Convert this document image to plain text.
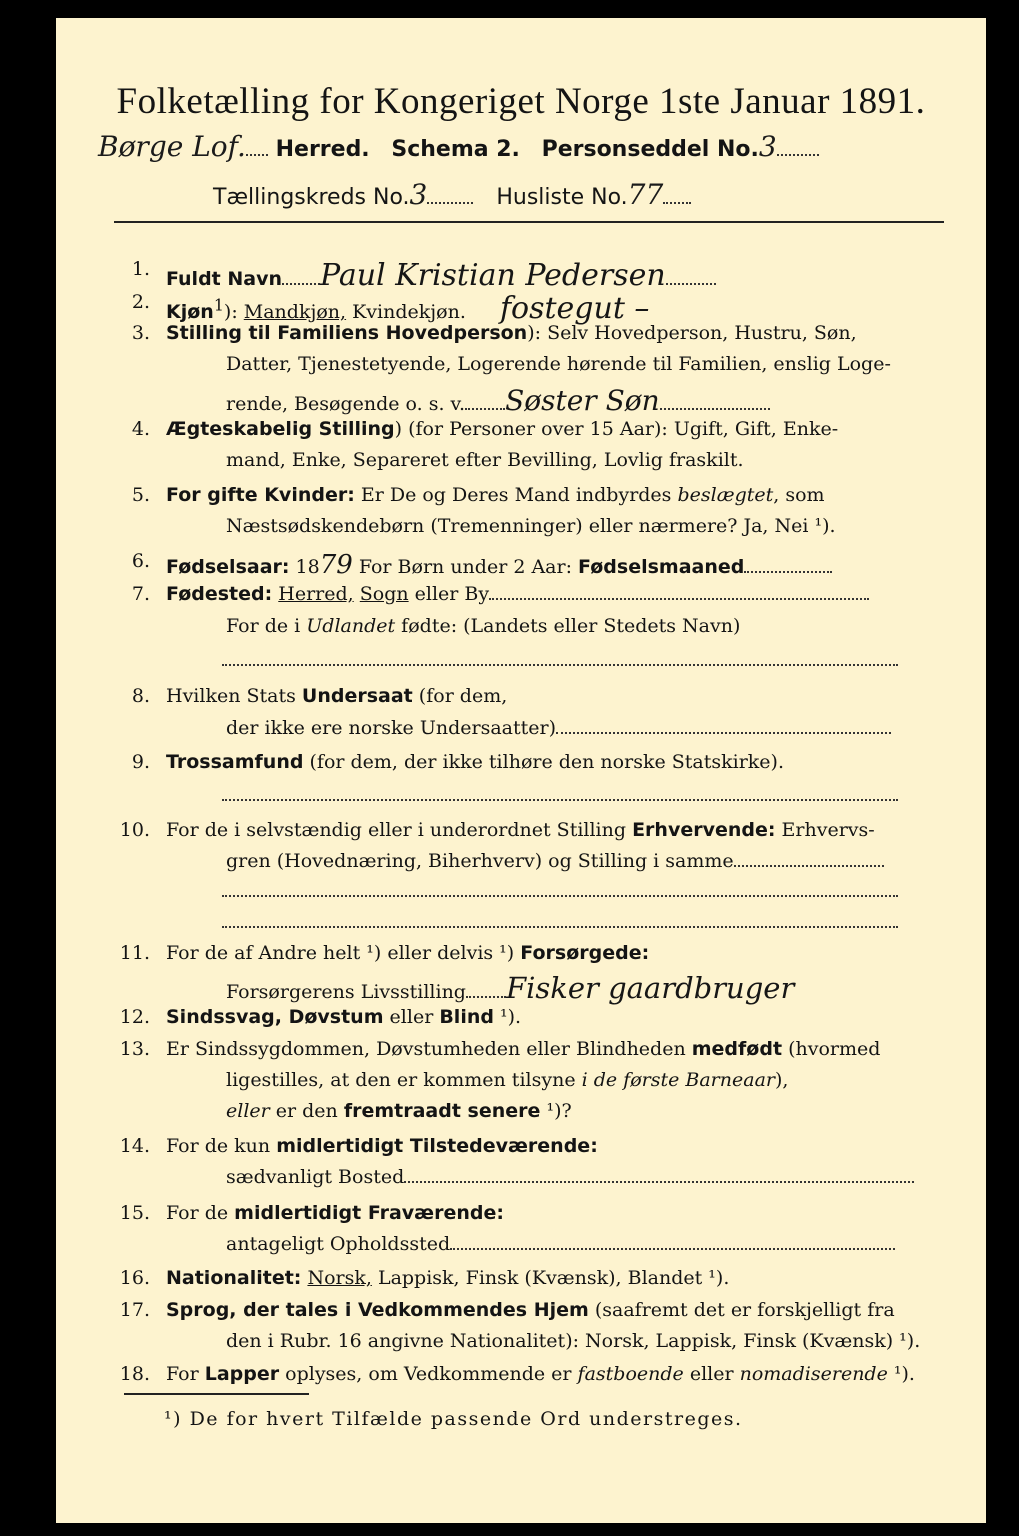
Folketælling for Kongeriget Norge 1ste Januar 1891.
Børge Lof. Herred. Schema 2. Personseddel No.3
Tællingskreds No.3	Husliste No.77
1. Fuldt Navn Paul Kristian Pedersen
2. Kjøn$^1$): Mandkjøn, Kvindekjøn. fostegut –
3. Stilling til Familiens Hovedperson): Selv Hovedperson, Hustru, Søn,
Datter, Tjenestetyende, Logerende hørende til Familien, enslig Loge-
rende, Besøgende o. s. v. Søster Søn
4. Ægteskabelig Stilling) (for Personer over 15 Aar): Ugift, Gift, Enke-
mand, Enke, Separeret efter Bevilling, Lovlig fraskilt.
5. For gifte Kvinder: Er De og Deres Mand indbyrdes beslægtet, som
Næstsødskendebørn (Tremenninger) eller nærmere? Ja, Nei ¹).
6. Fødselsaar: 1879 For Børn under 2 Aar: Fødselsmaaned
7. Fødested: Herred, Sogn eller By
For de i Udlandet fødte: (Landets eller Stedets Navn)
8. Hvilken Stats Undersaat (for dem,
der ikke ere norske Undersaatter)
9. Trossamfund (for dem, der ikke tilhøre den norske Statskirke).
10. For de i selvstændig eller i underordnet Stilling Erhvervende: Erhvervs-
gren (Hovednæring, Biherhverv) og Stilling i samme
11. For de af Andre helt ¹) eller delvis ¹) Forsørgede:
Forsørgerens Livsstilling Fisker gaardbruger
12. Sindssvag, Døvstum eller Blind ¹).
13. Er Sindssygdommen, Døvstumheden eller Blindheden medfødt (hvormed
ligestilles, at den er kommen tilsyne i de første Barneaar),
eller er den fremtraadt senere ¹)?
14. For de kun midlertidigt Tilstedeværende:
sædvanligt Bosted
15. For de midlertidigt Fraværende:
antageligt Opholdssted
16. Nationalitet: Norsk, Lappisk, Finsk (Kvænsk), Blandet ¹).
17. Sprog, der tales i Vedkommendes Hjem (saafremt det er forskjelligt fra
den i Rubr. 16 angivne Nationalitet): Norsk, Lappisk, Finsk (Kvænsk) ¹).
18. For Lapper oplyses, om Vedkommende er fastboende eller nomadiserende ¹).
¹) De for hvert Tilfælde passende Ord understreges.
